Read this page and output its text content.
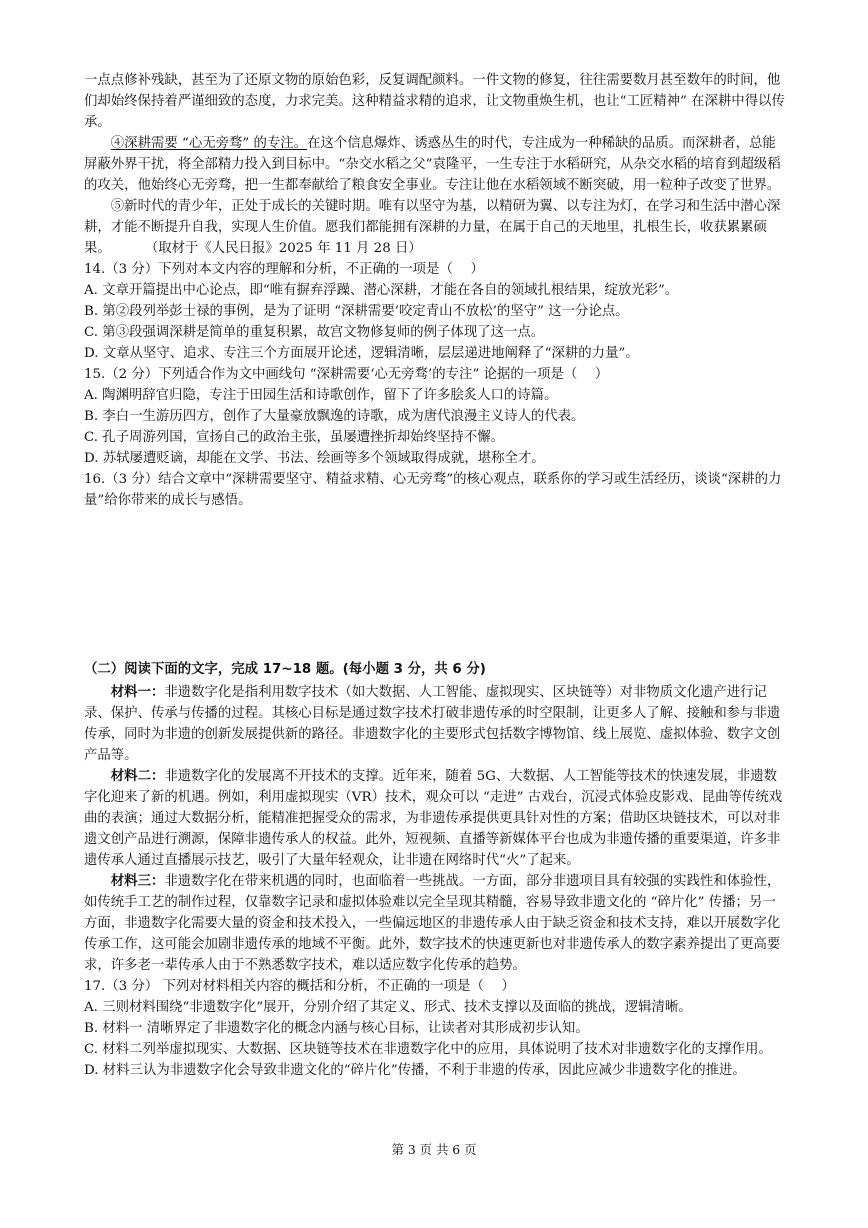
一点点修补残缺，甚至为了还原文物的原始色彩，反复调配颜料。一件文物的修复，往往需要数月甚至数年的时间，他们却始终保持着严谨细致的态度，力求完美。这种精益求精的追求，让文物重焕生机，也让“工匠精神” 在深耕中得以传承。

④深耕需要 “心无旁骛” 的专注。在这个信息爆炸、诱惑丛生的时代，专注成为一种稀缺的品质。而深耕者，总能屏蔽外界干扰，将全部精力投入到目标中。“杂交水稻之父”袁隆平，一生专注于水稻研究，从杂交水稻的培育到超级稻的攻关，他始终心无旁骛，把一生都奉献给了粮食安全事业。专注让他在水稻领域不断突破，用一粒种子改变了世界。

⑤新时代的青少年，正处于成长的关键时期。唯有以坚守为基，以精研为翼、以专注为灯，在学习和生活中潜心深耕，才能不断提升自我，实现人生价值。愿我们都能拥有深耕的力量，在属于自己的天地里，扎根生长，收获累累硕果。	（取材于《人民日报》2025 年 11 月 28 日）

14.（3 分）下列对本文内容的理解和分析，不正确的一项是（　 ）

A. 文章开篇提出中心论点，即“唯有摒弃浮躁、潜心深耕，才能在各自的领域扎根结果，绽放光彩”。

B. 第②段列举彭士禄的事例，是为了证明 “深耕需要‘咬定青山不放松’的坚守” 这一分论点。

C. 第③段强调深耕是简单的重复积累，故宫文物修复师的例子体现了这一点。

D. 文章从坚守、追求、专注三个方面展开论述，逻辑清晰，层层递进地阐释了“深耕的力量”。

15.（2 分）下列适合作为文中画线句 “深耕需要‘心无旁骛’的专注” 论据的一项是（　 ）

A. 陶渊明辞官归隐，专注于田园生活和诗歌创作，留下了许多脍炙人口的诗篇。

B. 李白一生游历四方，创作了大量豪放飘逸的诗歌，成为唐代浪漫主义诗人的代表。

C. 孔子周游列国，宣扬自己的政治主张，虽屡遭挫折却始终坚持不懈。

D. 苏轼屡遭贬谪，却能在文学、书法、绘画等多个领域取得成就，堪称全才。

16.（3 分）结合文章中“深耕需要坚守、精益求精、心无旁骛”的核心观点，联系你的学习或生活经历，谈谈“深耕的力量”给你带来的成长与感悟。

（二）阅读下面的文字，完成 17~18 题。(每小题 3 分，共 6 分)

材料一：非遗数字化是指利用数字技术（如大数据、人工智能、虚拟现实、区块链等）对非物质文化遗产进行记录、保护、传承与传播的过程。其核心目标是通过数字技术打破非遗传承的时空限制，让更多人了解、接触和参与非遗传承，同时为非遗的创新发展提供新的路径。非遗数字化的主要形式包括数字博物馆、线上展览、虚拟体验、数字文创产品等。

材料二：非遗数字化的发展离不开技术的支撑。近年来，随着 5G、大数据、人工智能等技术的快速发展，非遗数字化迎来了新的机遇。例如，利用虚拟现实（VR）技术，观众可以 “走进” 古戏台，沉浸式体验皮影戏、昆曲等传统戏曲的表演；通过大数据分析，能精准把握受众的需求，为非遗传承提供更具针对性的方案；借助区块链技术，可以对非遗文创产品进行溯源，保障非遗传承人的权益。此外，短视频、直播等新媒体平台也成为非遗传播的重要渠道，许多非遗传承人通过直播展示技艺，吸引了大量年轻观众，让非遗在网络时代“火”了起来。

材料三：非遗数字化在带来机遇的同时，也面临着一些挑战。一方面，部分非遗项目具有较强的实践性和体验性，如传统手工艺的制作过程，仅靠数字记录和虚拟体验难以完全呈现其精髓，容易导致非遗文化的 “碎片化” 传播；另一方面，非遗数字化需要大量的资金和技术投入，一些偏远地区的非遗传承人由于缺乏资金和技术支持，难以开展数字化传承工作，这可能会加剧非遗传承的地域不平衡。此外，数字技术的快速更新也对非遗传承人的数字素养提出了更高要求，许多老一辈传承人由于不熟悉数字技术，难以适应数字化传承的趋势。

17.（3 分） 下列对材料相关内容的概括和分析，不正确的一项是（　 ）

A. 三则材料围绕“非遗数字化”展开，分别介绍了其定义、形式、技术支撑以及面临的挑战，逻辑清晰。

B. 材料一 清晰界定了非遗数字化的概念内涵与核心目标，让读者对其形成初步认知。

C. 材料二列举虚拟现实、大数据、区块链等技术在非遗数字化中的应用，具体说明了技术对非遗数字化的支撑作用。

D. 材料三认为非遗数字化会导致非遗文化的“碎片化”传播，不利于非遗的传承，因此应减少非遗数字化的推进。

第 3 页 共 6 页
